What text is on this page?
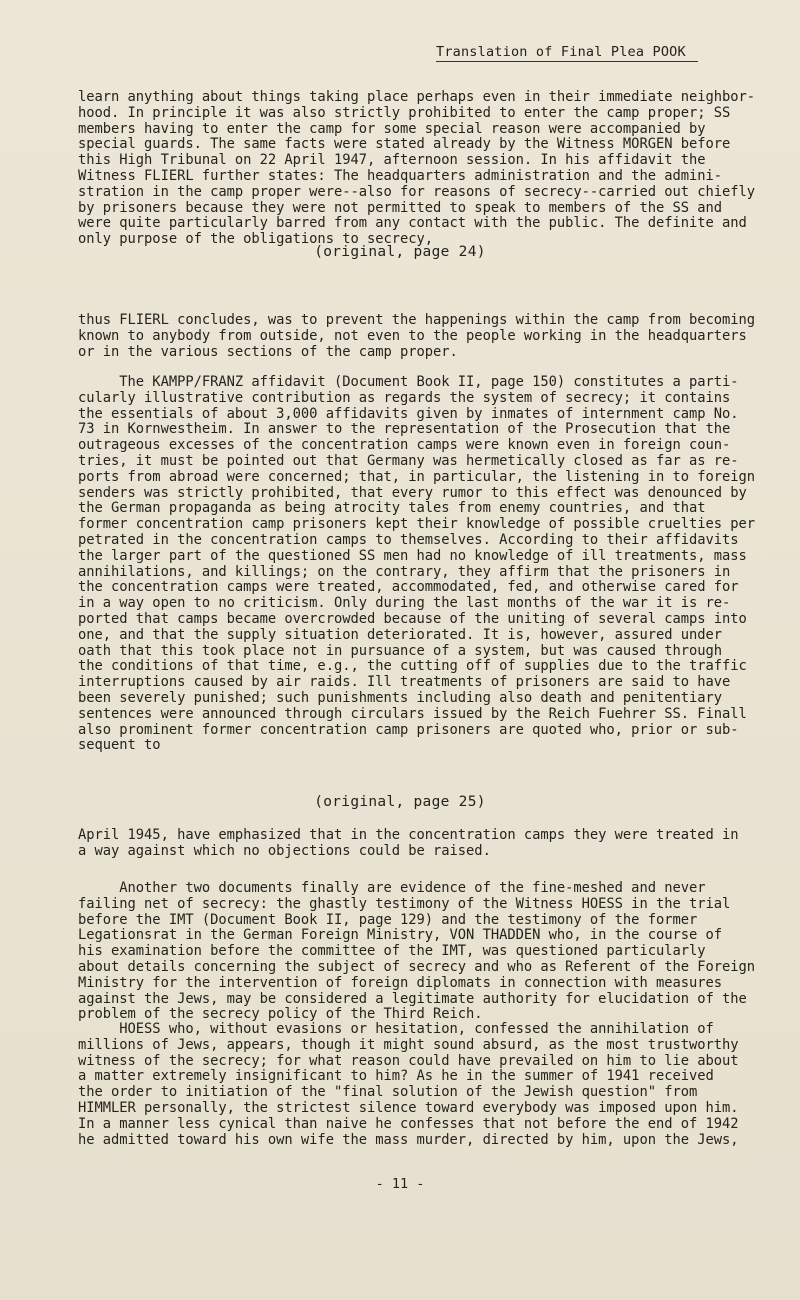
Translation of Final Plea POOK
learn anything about things taking place perhaps even in their immediate neighbor-
hood. In principle it was also strictly prohibited to enter the camp proper; SS
members having to enter the camp for some special reason were accompanied by
special guards. The same facts were stated already by the Witness MORGEN before
this High Tribunal on 22 April 1947, afternoon session. In his affidavit the
Witness FLIERL further states: The headquarters administration and the admini-
stration in the camp proper were--also for reasons of secrecy--carried out chiefly
by prisoners because they were not permitted to speak to members of the SS and
were quite particularly barred from any contact with the public. The definite and
only purpose of the obligations to secrecy,
(original, page 24)
thus FLIERL concludes, was to prevent the happenings within the camp from becoming
known to anybody from outside, not even to the people working in the headquarters
or in the various sections of the camp proper.
The KAMPP/FRANZ affidavit (Document Book II, page 150) constitutes a parti-
cularly illustrative contribution as regards the system of secrecy; it contains
the essentials of about 3,000 affidavits given by inmates of internment camp No.
73 in Kornwestheim. In answer to the representation of the Prosecution that the
outrageous excesses of the concentration camps were known even in foreign coun-
tries, it must be pointed out that Germany was hermetically closed as far as re-
ports from abroad were concerned; that, in particular, the listening in to foreign
senders was strictly prohibited, that every rumor to this effect was denounced by
the German propaganda as being atrocity tales from enemy countries, and that
former concentration camp prisoners kept their knowledge of possible cruelties per
petrated in the concentration camps to themselves. According to their affidavits
the larger part of the questioned SS men had no knowledge of ill treatments, mass
annihilations, and killings; on the contrary, they affirm that the prisoners in
the concentration camps were treated, accommodated, fed, and otherwise cared for
in a way open to no criticism. Only during the last months of the war it is re-
ported that camps became overcrowded because of the uniting of several camps into
one, and that the supply situation deteriorated. It is, however, assured under
oath that this took place not in pursuance of a system, but was caused through
the conditions of that time, e.g., the cutting off of supplies due to the traffic
interruptions caused by air raids. Ill treatments of prisoners are said to have
been severely punished; such punishments including also death and penitentiary
sentences were announced through circulars issued by the Reich Fuehrer SS. Finall
also prominent former concentration camp prisoners are quoted who, prior or sub-
sequent to
(original, page 25)
April 1945, have emphasized that in the concentration camps they were treated in
a way against which no objections could be raised.
Another two documents finally are evidence of the fine-meshed and never
failing net of secrecy: the ghastly testimony of the Witness HOESS in the trial
before the IMT (Document Book II, page 129) and the testimony of the former
Legationsrat in the German Foreign Ministry, VON THADDEN who, in the course of
his examination before the committee of the IMT, was questioned particularly
about details concerning the subject of secrecy and who as Referent of the Foreign
Ministry for the intervention of foreign diplomats in connection with measures
against the Jews, may be considered a legitimate authority for elucidation of the
problem of the secrecy policy of the Third Reich.
HOESS who, without evasions or hesitation, confessed the annihilation of
millions of Jews, appears, though it might sound absurd, as the most trustworthy
witness of the secrecy; for what reason could have prevailed on him to lie about
a matter extremely insignificant to him? As he in the summer of 1941 received
the order to initiation of the "final solution of the Jewish question" from
HIMMLER personally, the strictest silence toward everybody was imposed upon him.
In a manner less cynical than naive he confesses that not before the end of 1942
he admitted toward his own wife the mass murder, directed by him, upon the Jews,
- 11 -
